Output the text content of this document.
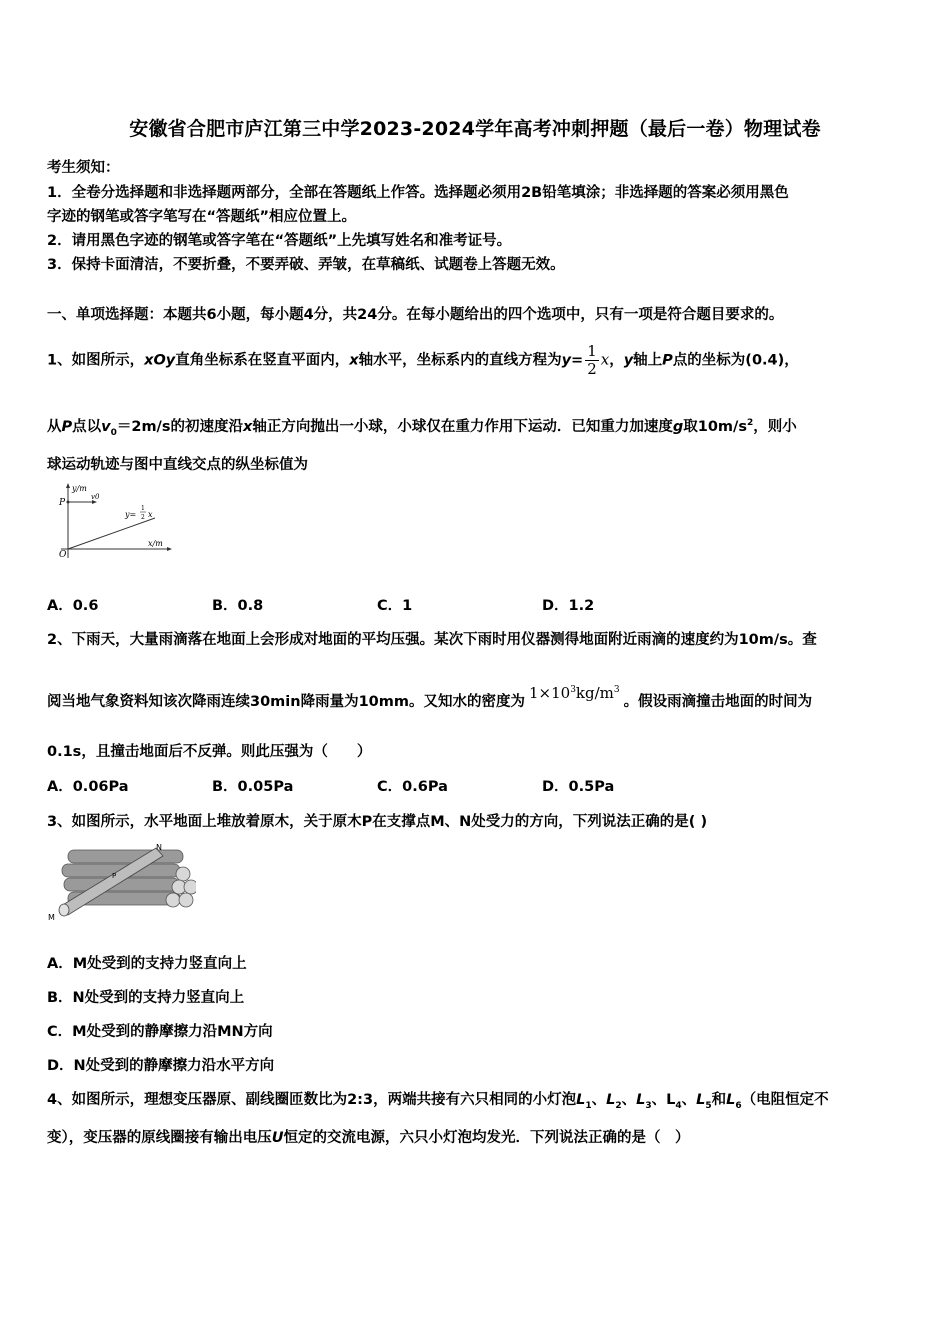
安徽省合肥市庐江第三中学2023-2024学年高考冲刺押题（最后一卷）物理试卷
考生须知：
1．全卷分选择题和非选择题两部分，全部在答题纸上作答。选择题必须用2B铅笔填涂；非选择题的答案必须用黑色
字迹的钢笔或答字笔写在“答题纸”相应位置上。
2．请用黑色字迹的钢笔或答字笔在“答题纸”上先填写姓名和准考证号。
3．保持卡面清洁，不要折叠，不要弄破、弄皱，在草稿纸、试题卷上答题无效。
一、单项选择题：本题共6小题，每小题4分，共24分。在每小题给出的四个选项中，只有一项是符合题目要求的。
1、如图所示，xOy直角坐标系在竖直平面内，x轴水平，坐标系内的直线方程为$y= \frac{1}{2}$ x，y轴上P点的坐标为(0.4)，
从P点以$v_0=2m/s$的初速度沿x轴正方向抛出一小球，小球仅在重力作用下运动．已知重力加速度g取$10m/s^2$，则小
球运动轨迹与图中直线交点的纵坐标值为
y/m
x/m
P
O
v0
y=
1
2 x
A．0.6	B．0.8	C．1	D．1.2
2、下雨天，大量雨滴落在地面上会形成对地面的平均压强。某次下雨时用仪器测得地面附近雨滴的速度约为10m/s。查
阅当地气象资料知该次降雨连续30min降雨量为10mm。又知水的密度为 $1\times 10^3kg/m^3$。假设雨滴撞击地面的时间为
0.1s，且撞击地面后不反弹。则此压强为（　　）
A．0.06Pa	B．0.05Pa	C．0.6Pa	D．0.5Pa
3、如图所示，水平地面上堆放着原木，关于原木P在支撑点M、N处受力的方向，下列说法正确的是( )
N
M
P
A．M处受到的支持力竖直向上
B．N处受到的支持力竖直向上
C．M处受到的静摩擦力沿MN方向
D．N处受到的静摩擦力沿水平方向
4、如图所示，理想变压器原、副线圈匝数比为2:3，两端共接有六只相同的小灯泡$L_1$、$L_2$、$L_3$、$L_4$、$L_5$和$L_6$（电阻恒定不
变），变压器的原线圈接有输出电压U恒定的交流电源，六只小灯泡均发光．下列说法正确的是（　）
